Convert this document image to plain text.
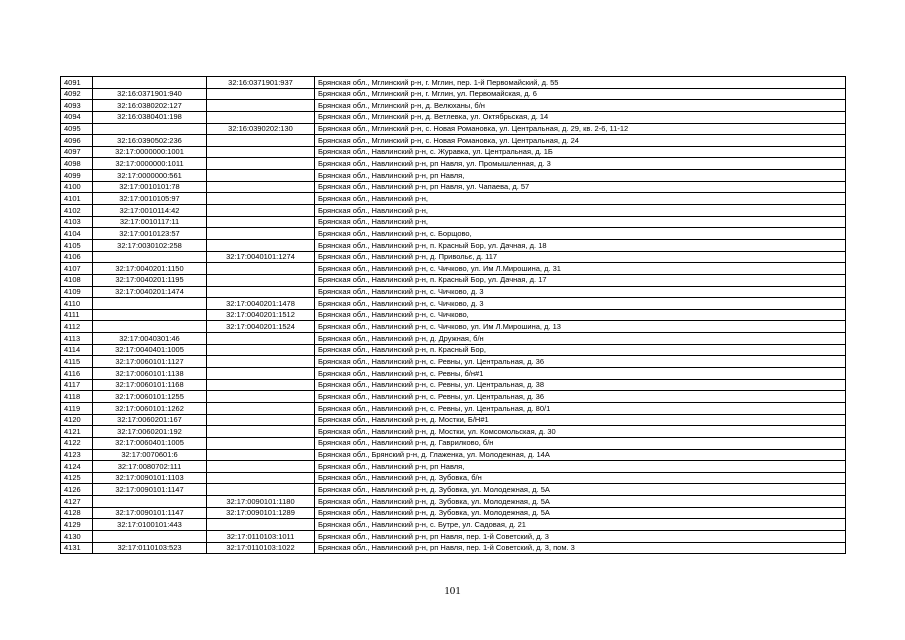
4091		32:16:0371901:937	Брянская обл., Мглинский р-н, г. Мглин, пер. 1-й Первомайский, д. 55
4092	32:16:0371901:940		Брянская обл., Мглинский р-н, г. Мглин, ул. Первомайская, д. 6
4093	32:16:0380202:127		Брянская обл., Мглинский р-н, д. Велюханы, б/н
4094	32:16:0380401:198		Брянская обл., Мглинский р-н, д. Ветлевка, ул. Октябрьская, д. 14
4095		32:16:0390202:130	Брянская обл., Мглинский р-н, с. Новая Романовка, ул. Центральная, д. 29, кв. 2-6, 11-12
4096	32:16:0390502:236		Брянская обл., Мглинский р-н, с. Новая Романовка, ул. Центральная, д. 24
4097	32:17:0000000:1001		Брянская обл., Навлинский р-н, с. Журавка, ул. Центральная, д. 1Б
4098	32:17:0000000:1011		Брянская обл., Навлинский р-н, рп Навля, ул. Промышленная, д. 3
4099	32:17:0000000:561		Брянская обл., Навлинский р-н, рп Навля,
4100	32:17:0010101:78		Брянская обл., Навлинский р-н, рп Навля, ул. Чапаева, д. 57
4101	32:17:0010105:97		Брянская обл., Навлинский р-н,
4102	32:17:0010114:42		Брянская обл., Навлинский р-н,
4103	32:17:0010117:11		Брянская обл., Навлинский р-н,
4104	32:17:0010123:57		Брянская обл., Навлинский р-н, с. Борщово,
4105	32:17:0030102:258		Брянская обл., Навлинский р-н, п. Красный Бор, ул. Дачная, д. 18
4106		32:17:0040101:1274	Брянская обл., Навлинский р-н, д. Привольє, д. 117
4107	32:17:0040201:1150		Брянская обл., Навлинский р-н, с. Чичково, ул. Им Л.Мирошина, д. 31
4108	32:17:0040201:1195		Брянская обл., Навлинский р-н, п. Красный Бор, ул. Дачная, д. 17
4109	32:17:0040201:1474		Брянская обл., Навлинский р-н, с. Чичково, д. 3
4110		32:17:0040201:1478	Брянская обл., Навлинский р-н, с. Чичково, д. 3
4111		32:17:0040201:1512	Брянская обл., Навлинский р-н, с. Чичково,
4112		32:17:0040201:1524	Брянская обл., Навлинский р-н, с. Чичково, ул. Им Л.Мирошина, д. 13
4113	32:17:0040301:46		Брянская обл., Навлинский р-н, д. Дружная, б/н
4114	32:17:0040401:1005		Брянская обл., Навлинский р-н, п. Красный Бор,
4115	32:17:0060101:1127		Брянская обл., Навлинский р-н, с. Ревны, ул. Центральная, д. 36
4116	32:17:0060101:1138		Брянская обл., Навлинский р-н, с. Ревны, б/н#1
4117	32:17:0060101:1168		Брянская обл., Навлинский р-н, с. Ревны, ул. Центральная, д. 38
4118	32:17:0060101:1255		Брянская обл., Навлинский р-н, с. Ревны, ул. Центральная, д. 36
4119	32:17:0060101:1262		Брянская обл., Навлинский р-н, с. Ревны, ул. Центральная, д. 80/1
4120	32:17:0060201:167		Брянская обл., Навлинский р-н, д. Мостки, Б/Н#1
4121	32:17:0060201:192		Брянская обл., Навлинский р-н, д. Мостки, ул. Комсомольская, д. 30
4122	32:17:0060401:1005		Брянская обл., Навлинский р-н, д. Гаврилково, б/н
4123	32:17:0070601:6		Брянская обл., Брянский р-н, д. Глаженка, ул. Молодежная, д. 14А
4124	32:17:0080702:111		Брянская обл., Навлинский р-н, рп Навля,
4125	32:17:0090101:1103		Брянская обл., Навлинский р-н, д. Зубовка, б/н
4126	32:17:0090101:1147		Брянская обл., Навлинский р-н, д. Зубовка, ул. Молодежная, д. 5А
4127		32:17:0090101:1180	Брянская обл., Навлинский р-н, д. Зубовка, ул. Молодежная, д. 5А
4128	32:17:0090101:1147	32:17:0090101:1289	Брянская обл., Навлинский р-н, д. Зубовка, ул. Молодежная, д. 5А
4129	32:17:0100101:443		Брянская обл., Навлинский р-н, с. Бутре, ул. Садовая, д. 21
4130		32:17:0110103:1011	Брянская обл., Навлинский р-н, рп Навля, пер. 1-й Советский, д. 3
4131	32:17:0110103:523	32:17:0110103:1022	Брянская обл., Навлинский р-н, рп Навля, пер. 1-й Советский, д. 3, пом. 3
101
